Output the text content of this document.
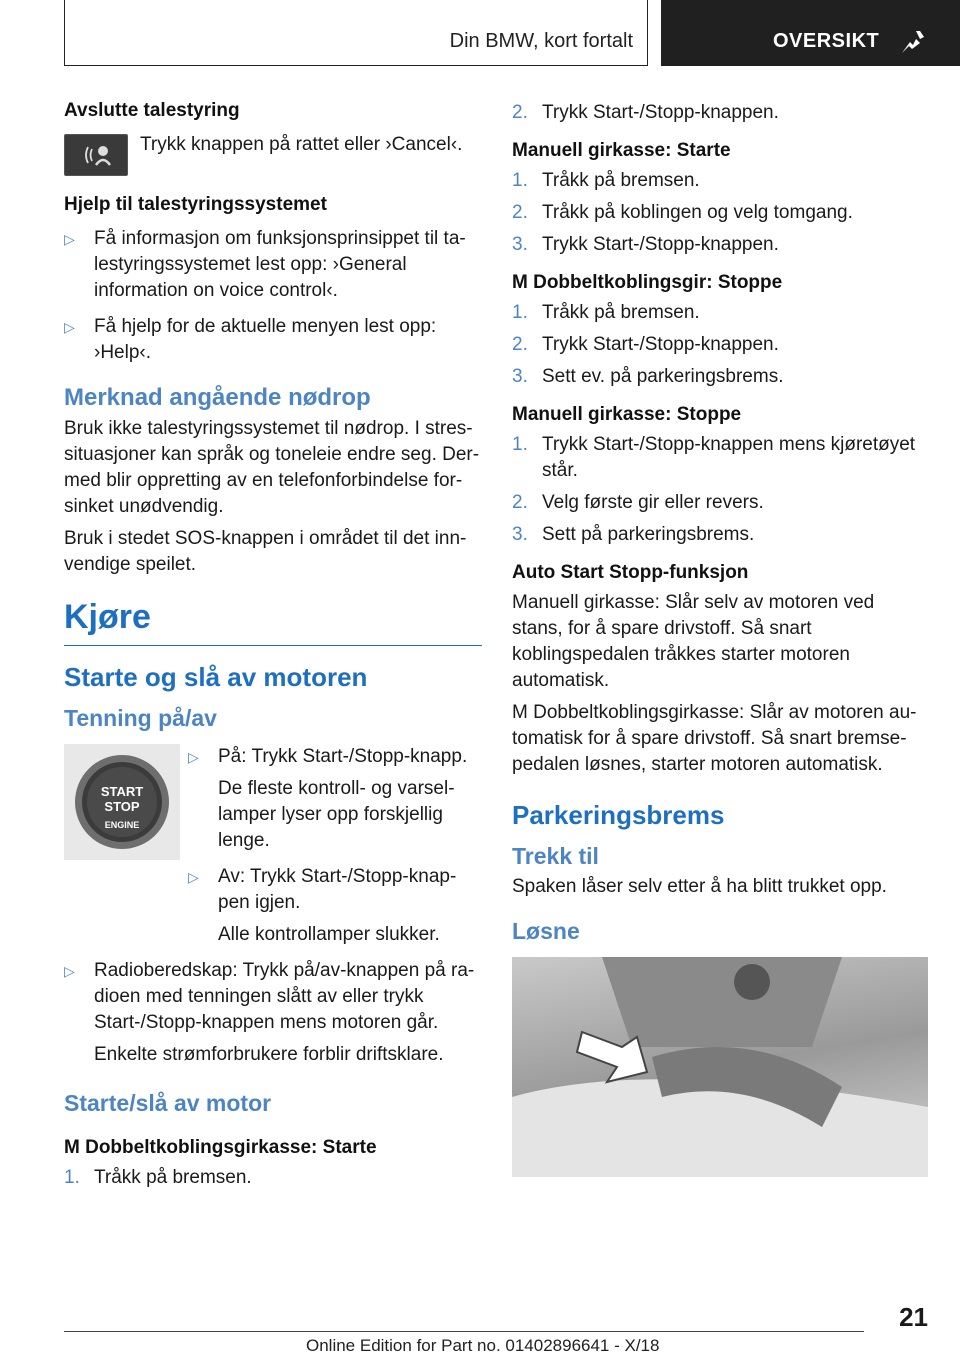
Din BMW, kort fortalt	OVERSIKT
Avslutte talestyring

Trykk knappen på rattet eller ›Cancel‹.

Hjelp til talestyringssystemet
▷ Få informasjon om funksjonsprinsippet til ta-lestyringssystemet lest opp: ›General information on voice control‹.
▷ Få hjelp for de aktuelle menyen lest opp: ›Help‹.
Merknad angående nødrop

Bruk ikke talestyringssystemet til nødrop. I stres-situasjoner kan språk og toneleie endre seg. Der-med blir oppretting av en telefonforbindelse for-sinket unødvendig.

Bruk i stedet SOS-knappen i området til det inn-vendige speilet.

Kjøre
Starte og slå av motoren
Tenning på/av
START
STOP
ENGINE
▷ På: Trykk Start-/Stopp-knapp.
De fleste kontroll- og varsel-lamper lyser opp forskjellig lenge.
▷ Av: Trykk Start-/Stopp-knap-pen igjen.
Alle kontrollamper slukker.
▷ Radioberedskap: Trykk på/av-knappen på ra-dioen med tenningen slått av eller trykk Start-/Stopp-knappen mens motoren går.
Enkelte strømforbrukere forblir driftsklare.
Starte/slå av motor
M Dobbeltkoblingsgirkasse: Starte
1. Tråkk på bremsen.
2. Trykk Start-/Stopp-knappen.
Manuell girkasse: Starte
1. Tråkk på bremsen.
2. Tråkk på koblingen og velg tomgang.
3. Trykk Start-/Stopp-knappen.
M Dobbeltkoblingsgir: Stoppe
1. Tråkk på bremsen.
2. Trykk Start-/Stopp-knappen.
3. Sett ev. på parkeringsbrems.
Manuell girkasse: Stoppe
1. Trykk Start-/Stopp-knappen mens kjøretøyet står.
2. Velg første gir eller revers.
3. Sett på parkeringsbrems.
Auto Start Stopp-funksjon

Manuell girkasse: Slår selv av motoren ved stans, for å spare drivstoff. Så snart koblingspedalen tråkkes starter motoren automatisk.

M Dobbeltkoblingsgirkasse: Slår av motoren au-tomatisk for å spare drivstoff. Så snart bremse-pedalen løsnes, starter motoren automatisk.

Parkeringsbrems
Trekk til

Spaken låser selv etter å ha blitt trukket opp.

Løsne
21
Online Edition for Part no. 01402896641 - X/18
